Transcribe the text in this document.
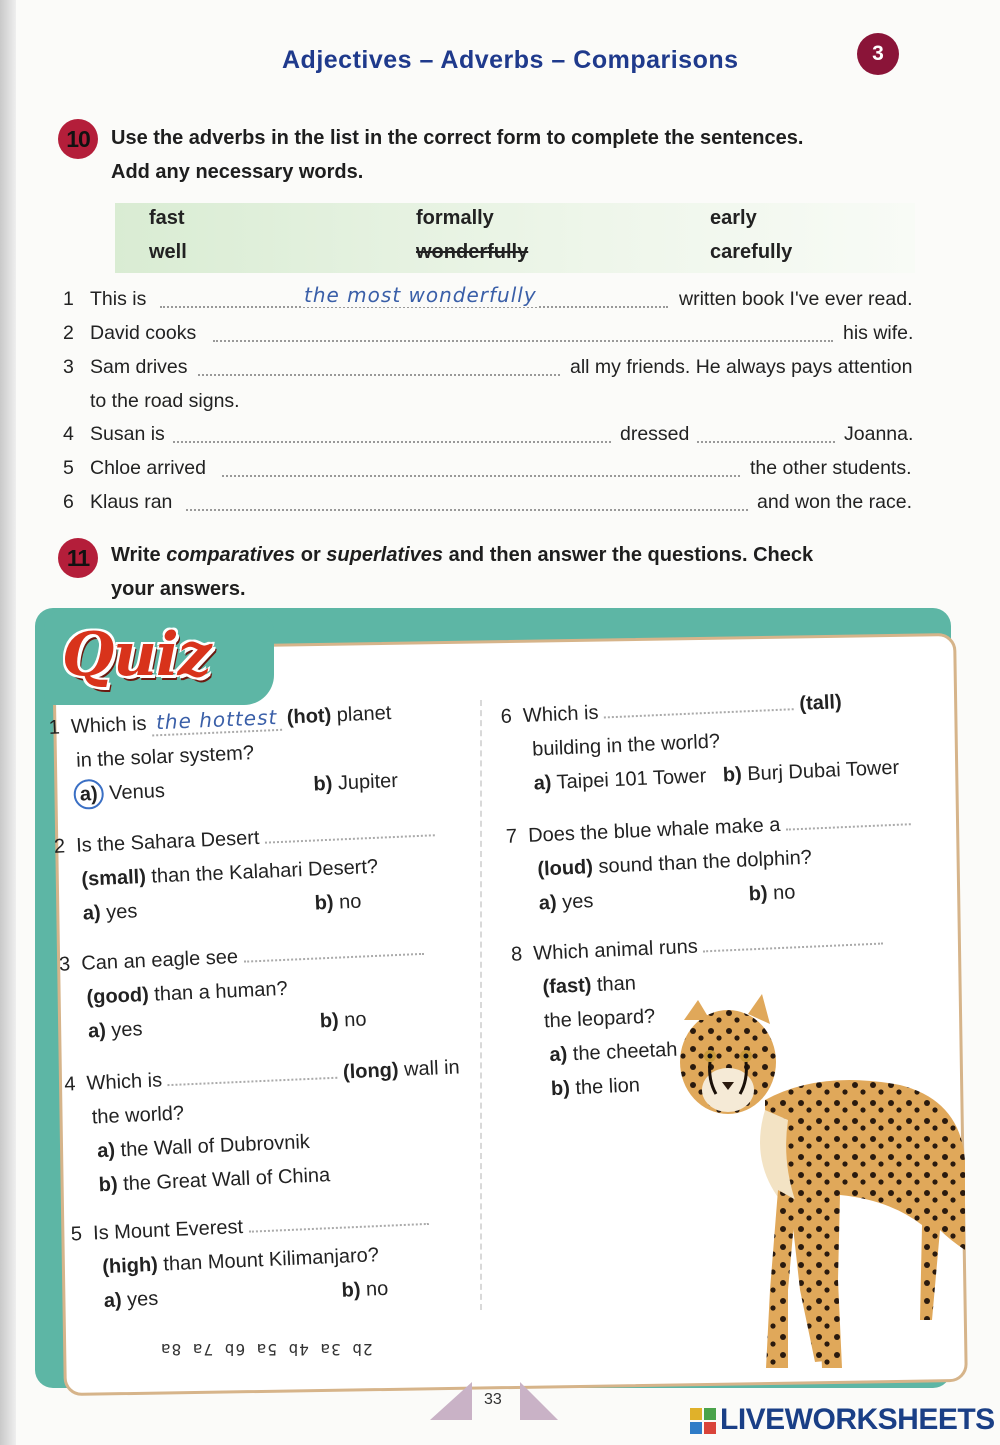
Adjectives – Adverbs – Comparisons	3
10	Use the adverbs in the list in the correct form to complete the sentences.
Add any necessary words.
fast	formally	early
well	wonderfully	carefully
1 This is	the most wonderfully	written book I've ever read.
2 David cooks	his wife.
3 Sam drives	all my friends. He always pays attention
to the road signs.
4 Susan is	dressed	Joanna.
5 Chloe arrived	the other students.
6 Klaus ran	and won the race.
11	Write comparatives or superlatives and then answer the questions. Check
your answers.
Quiz
1 Which is the hottest (hot) planet
in the solar system?
a) Venus	b) Jupiter
2 Is the Sahara Desert
(small) than the Kalahari Desert?
a) yes	b) no
3 Can an eagle see
(good) than a human?
a) yes	b) no
4 Which is	(long) wall in
the world?
a) the Wall of Dubrovnik
b) the Great Wall of China
5 Is Mount Everest
(high) than Mount Kilimanjaro?
a) yes	b) no
6 Which is	(tall)
building in the world?
a) Taipei 101 Tower b) Burj Dubai Tower
7 Does the blue whale make a
(loud) sound than the dolphin?
a) yes	b) no
8 Which animal runs
(fast) than
the leopard?
a) the cheetah
b) the lion
2b 3a 4b 5a 6b 7a 8a
33
LIVEWORKSHEETS
